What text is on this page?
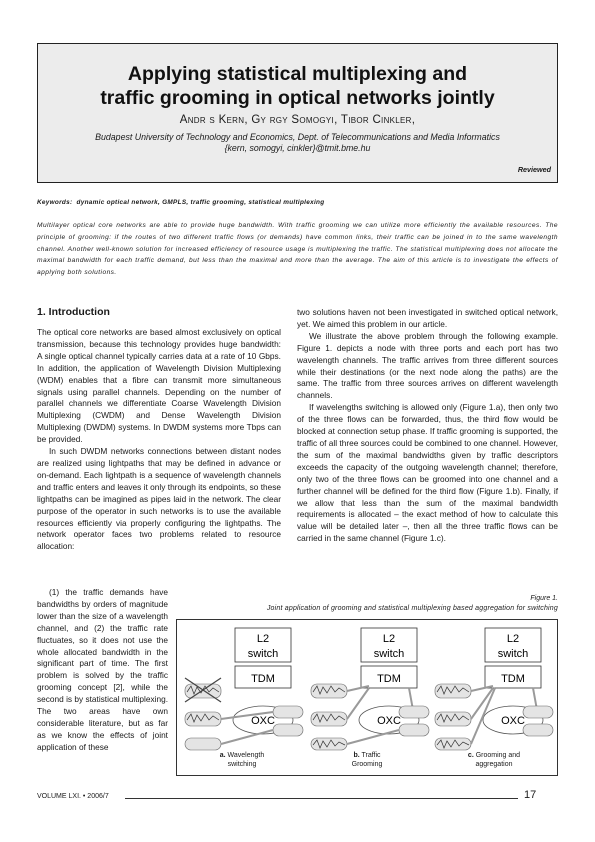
Applying statistical multiplexing and
traffic grooming in optical networks jointly
Andr s Kern, Gy rgy Somogyi, Tibor Cinkler,
Budapest University of Technology and Economics, Dept. of Telecommunications and Media Informatics
{kern, somogyi, cinkler}@tmit.bme.hu
Reviewed
Keywords: dynamic optical network, GMPLS, traffic grooming, statistical multiplexing
Multilayer optical core networks are able to provide huge bandwidth. With traffic grooming we can utilize more efficiently the available resources. The principle of grooming: if the routes of two different traffic flows (or demands) have common links, their traffic can be joined in to the same wavelength channel. Another well-known solution for increased efficiency of resource usage is multiplexing the traffic. The statistical multiplexing does not allocate the maximal bandwidth for each traffic demand, but less than the maximal and more than the average. The aim of this article is to investigate the effects of applying both solutions.
1. Introduction

The optical core networks are based almost exclusively on optical transmission, because this technology provides huge bandwidth: A single optical channel typically carries data at a rate of 10 Gbps. In addition, the application of Wavelength Division Multiplexing (WDM) enables that a fibre can transmit more simultaneous signals using parallel channels. Depending on the number of parallel channels we differentiate Coarse Wavelength Division Multiplexing (CWDM) and Dense Wavelength Division Multiplexing (DWDM) systems. In DWDM systems more Tbps can be provided.

In such DWDM networks connections between distant nodes are realized using lightpaths that may be defined in advance or on-demand. Each lightpath is a sequence of wavelength channels and traffic enters and leaves it only through its endpoints, so these lightpaths can be imagined as pipes laid in the network. The clear purpose of the operator in such networks is to use the available resources efficiently via properly configuring the lightpaths. The network operator faces two problems related to resource allocation:

(1) the traffic demands have bandwidths by orders of magnitude lower than the size of a wavelength channel, and (2) the traffic rate fluctuates, so it does not use the whole allocated bandwidth in the significant part of time. The first problem is solved by the traffic grooming concept [2], while the second is by statistical multiplexing. The two areas have own considerable literature, but as far as we know the effects of joint application of these

two solutions haven not been investigated in switched optical network, yet. We aimed this problem in our article.

We illustrate the above problem through the following example. Figure 1. depicts a node with three ports and each port has two wavelength channels. The traffic arrives from three different sources while their destinations (or the next node along the paths) are the same. The traffic from three sources arrives on different wavelength channels.

If wavelengths switching is allowed only (Figure 1.a), then only two of the three flows can be forwarded, thus, the third flow would be blocked at connection setup phase. If traffic grooming is supported, the traffic of all three sources could be combined to one channel. However, the sum of the maximal bandwidths given by traffic descriptors exceeds the capacity of the outgoing wavelength channel; therefore, only two of the three flows can be groomed into one channel and a further channel will be defined for the third flow (Figure 1.b). Finally, if we allow that less than the sum of the maximal bandwidth requirements is allocated – the exact method of how to calculate this value will be detailed later –, then all the three traffic flows can be carried in the same channel (Figure 1.c).

Figure 1.
Joint application of grooming and statistical multiplexing based aggregation for switching
L2
switch
TDM
OXC
L2
switch
TDM
OXC
L2
switch
TDM
OXC
a. Wavelength
switching
b. Traffic
Grooming
c. Grooming and
aggregation
VOLUME LXI. • 2006/7	17
